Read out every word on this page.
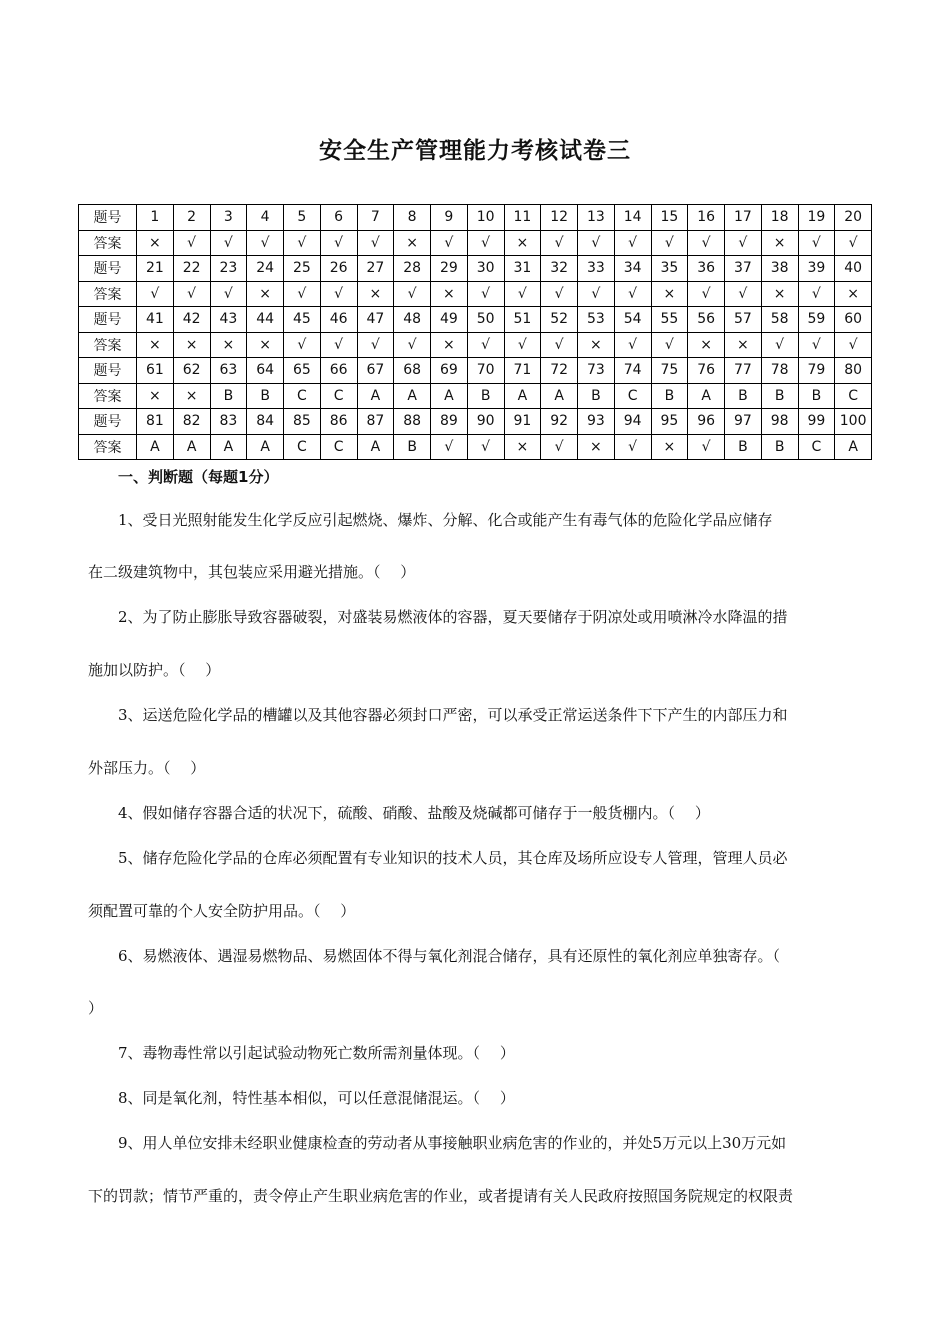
安全生产管理能力考核试卷三
题号	1	2	3	4	5	6	7	8	9	10	11	12	13	14	15	16	17	18	19	20
答案	×	√	√	√	√	√	√	×	√	√	×	√	√	√	√	√	√	×	√	√
题号	21	22	23	24	25	26	27	28	29	30	31	32	33	34	35	36	37	38	39	40
答案	√	√	√	×	√	√	×	√	×	√	√	√	√	√	×	√	√	×	√	×
题号	41	42	43	44	45	46	47	48	49	50	51	52	53	54	55	56	57	58	59	60
答案	×	×	×	×	√	√	√	√	×	√	√	√	×	√	√	×	×	√	√	√
题号	61	62	63	64	65	66	67	68	69	70	71	72	73	74	75	76	77	78	79	80
答案	×	×	B	B	C	C	A	A	A	B	A	A	B	C	B	A	B	B	B	C
题号	81	82	83	84	85	86	87	88	89	90	91	92	93	94	95	96	97	98	99	100
答案	A	A	A	A	C	C	A	B	√	√	×	√	×	√	×	√	B	B	C	A
一、判断题（每题1分）
1、受日光照射能发生化学反应引起燃烧、爆炸、分解、化合或能产生有毒气体的危险化学品应储存
在二级建筑物中，其包装应采用避光措施。（　 ）
2、为了防止膨胀导致容器破裂，对盛装易燃液体的容器，夏天要储存于阴凉处或用喷淋冷水降温的措
施加以防护。（　 ）
3、运送危险化学品的槽罐以及其他容器必须封口严密，可以承受正常运送条件下下产生的内部压力和
外部压力。（　 ）
4、假如储存容器合适的状况下，硫酸、硝酸、盐酸及烧碱都可储存于一般货棚内。（　 ）
5、储存危险化学品的仓库必须配置有专业知识的技术人员，其仓库及场所应设专人管理，管理人员必
须配置可靠的个人安全防护用品。（　 ）
6、易燃液体、遇湿易燃物品、易燃固体不得与氧化剂混合储存，具有还原性的氧化剂应单独寄存。（
）
7、毒物毒性常以引起试验动物死亡数所需剂量体现。（　 ）
8、同是氧化剂，特性基本相似，可以任意混储混运。（　 ）
9、用人单位安排未经职业健康检查的劳动者从事接触职业病危害的作业的，并处5万元以上30万元如
下的罚款；情节严重的，责令停止产生职业病危害的作业，或者提请有关人民政府按照国务院规定的权限责
